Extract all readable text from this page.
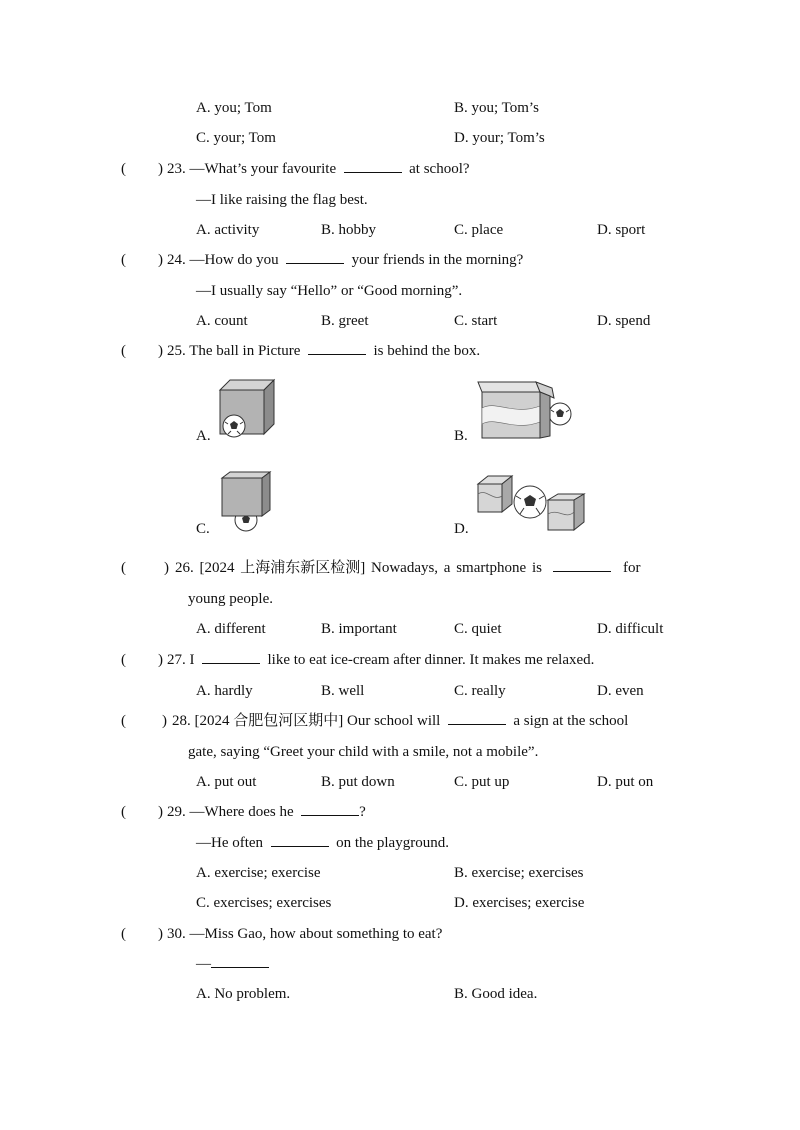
A. you; Tom	B. you; Tom’s
C. your; Tom	D. your; Tom’s
( ) 23. —What’s your favourite	at school?
—I like raising the flag best.
A. activity	B. hobby	C. place	D. sport
( ) 24. —How do you	your friends in the morning?
—I usually say “Hello” or “Good morning”.
A. count	B. greet	C. start	D. spend
( ) 25. The ball in Picture	is behind the box.
A.	B.
C.	D.
(	) 26. [2024 上海浦东新区检测] Nowadays, a smartphone is	for
young people.
A. different	B. important	C. quiet	D. difficult
( ) 27. I	like to eat ice-cream after dinner. It makes me relaxed.
A. hardly	B. well	C. really	D. even
( ) 28. [2024 合肥包河区期中] Our school will	a sign at the school
gate, saying “Greet your child with a smile, not a mobile”.
A. put out	B. put down	C. put up	D. put on
( ) 29. —Where does he	?
—He often	on the playground.
A. exercise; exercise	B. exercise; exercises
C. exercises; exercises	D. exercises; exercise
( ) 30. —Miss Gao, how about something to eat?
—
A. No problem.	B. Good idea.
